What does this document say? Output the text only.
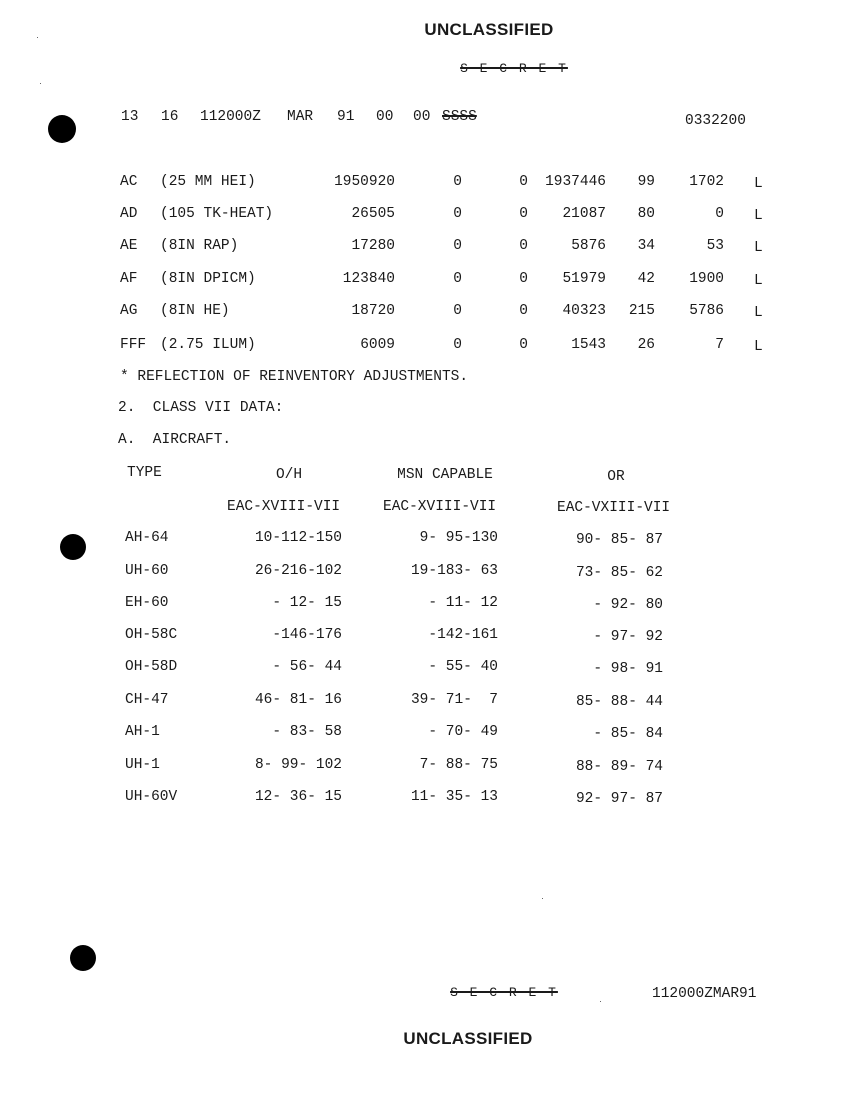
UNCLASSIFIED
S E C R E T
13 16 112000Z MAR 91 00 00 SSSS	0332200
AC (25 MM HEI)	1950920	0	0	1937446	99	1702 L
AD (105 TK-HEAT)	26505	0	0	21087	80	0 L
AE (8IN RAP)	17280	0	0	5876	34	53 L
AF (8IN DPICM)	123840	0	0	51979	42	1900 L
AG (8IN HE)	18720	0	0	40323	215	5786 L
FFF (2.75 ILUM)	6009	0	0	1543	26	7 L
* REFLECTION OF REINVENTORY ADJUSTMENTS.
2.  CLASS VII DATA:
A.  AIRCRAFT.
TYPE	O/H	MSN CAPABLE	OR
EAC-XVIII-VII	EAC-XVIII-VII	EAC-VXIII-VII
AH-64	10-112-150	9- 95-130	90- 85- 87
UH-60	26-216-102	19-183- 63	73- 85- 62
EH-60	- 12- 15	- 11- 12	- 92- 80
OH-58C	-146-176	-142-161	- 97- 92
OH-58D	- 56- 44	- 55- 40	- 98- 91
CH-47	46- 81- 16	39- 71-  7	85- 88- 44
AH-1	- 83- 58	- 70- 49	- 85- 84
UH-1	8- 99- 102	7- 88- 75	88- 89- 74
UH-60V	12- 36- 15	11- 35- 13	92- 97- 87
S E C R E T	112000ZMAR91
UNCLASSIFIED
